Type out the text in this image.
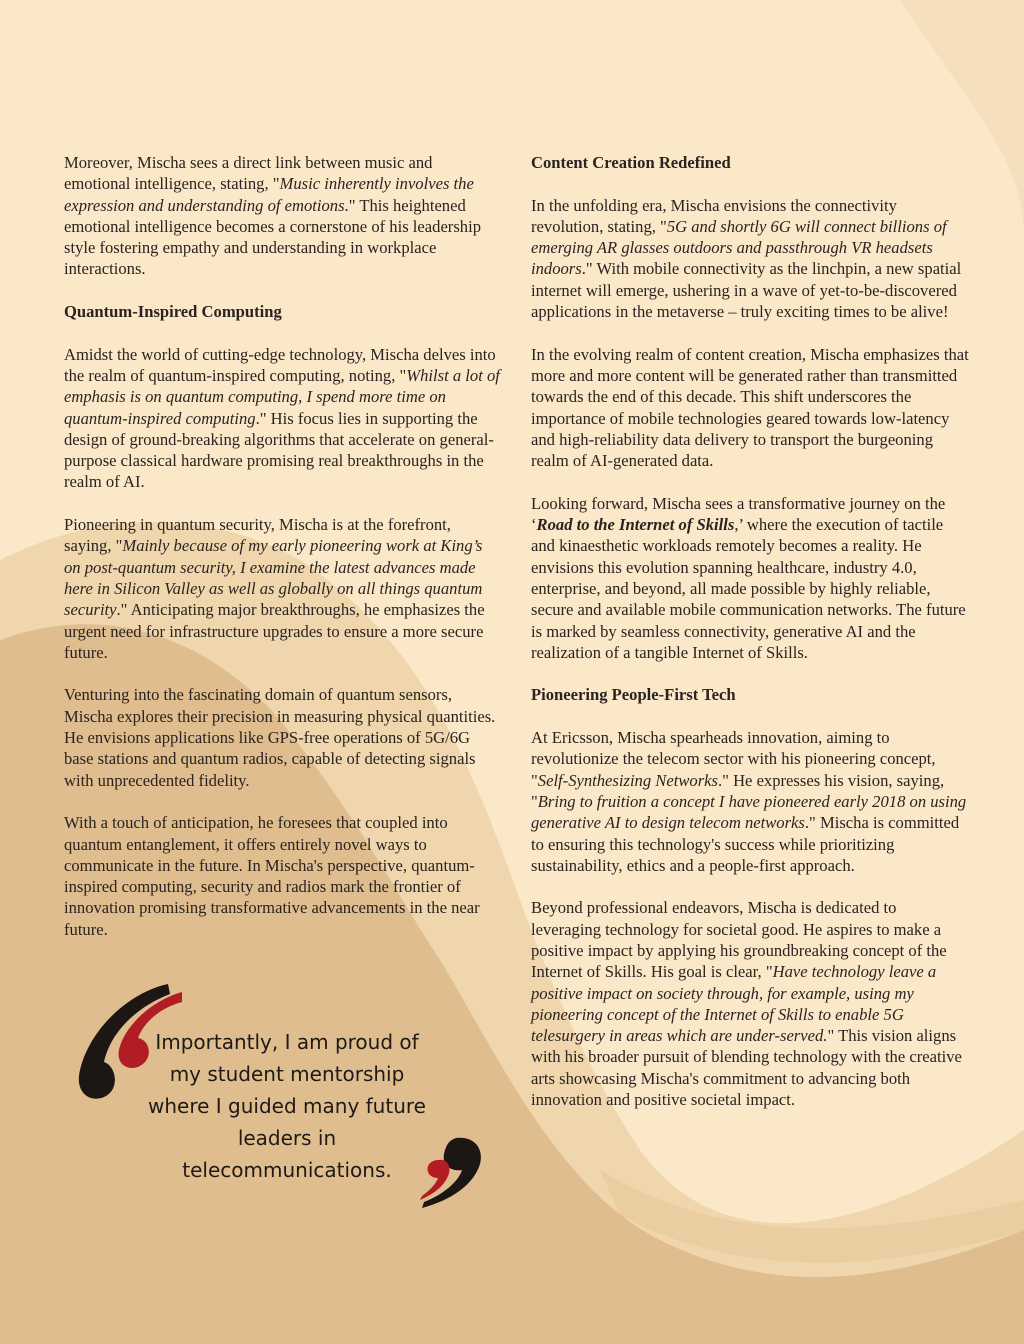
Moreover, Mischa sees a direct link between music and emotional intelligence, stating, "Music inherently involves the expression and understanding of emotions." This heightened emotional intelligence becomes a cornerstone of his leadership style fostering empathy and understanding in workplace interactions.

Quantum-Inspired Computing

Amidst the world of cutting-edge technology, Mischa delves into the realm of quantum-inspired computing, noting, "Whilst a lot of emphasis is on quantum computing, I spend more time on quantum-inspired computing." His focus lies in supporting the design of ground-breaking algorithms that accelerate on general-purpose classical hardware promising real breakthroughs in the realm of AI.

Pioneering in quantum security, Mischa is at the forefront, saying, "Mainly because of my early pioneering work at King’s on post-quantum security, I examine the latest advances made here in Silicon Valley as well as globally on all things quantum security." Anticipating major breakthroughs, he emphasizes the urgent need for infrastructure upgrades to ensure a more secure future.

Venturing into the fascinating domain of quantum sensors, Mischa explores their precision in measuring physical quantities. He envisions applications like GPS-free operations of 5G/6G base stations and quantum radios, capable of detecting signals with unprecedented fidelity.

With a touch of anticipation, he foresees that coupled into quantum entanglement, it offers entirely novel ways to communicate in the future. In Mischa's perspective, quantum-inspired computing, security and radios mark the frontier of innovation promising transformative advancements in the near future.

Content Creation Redefined

In the unfolding era, Mischa envisions the connectivity revolution, stating, "5G and shortly 6G will connect billions of emerging AR glasses outdoors and passthrough VR headsets indoors." With mobile connectivity as the linchpin, a new spatial internet will emerge, ushering in a wave of yet-to-be-discovered applications in the metaverse – truly exciting times to be alive!

In the evolving realm of content creation, Mischa emphasizes that more and more content will be generated rather than transmitted towards the end of this decade. This shift underscores the importance of mobile technologies geared towards low-latency and high-reliability data delivery to transport the burgeoning realm of AI-generated data.

Looking forward, Mischa sees a transformative journey on the ‘Road to the Internet of Skills,’ where the execution of tactile and kinaesthetic workloads remotely becomes a reality. He envisions this evolution spanning healthcare, industry 4.0, enterprise, and beyond, all made possible by highly reliable, secure and available mobile communication networks. The future is marked by seamless connectivity, generative AI and the realization of a tangible Internet of Skills.

Pioneering People-First Tech

At Ericsson, Mischa spearheads innovation, aiming to revolutionize the telecom sector with his pioneering concept, "Self-Synthesizing Networks." He expresses his vision, saying, "Bring to fruition a concept I have pioneered early 2018 on using generative AI to design telecom networks." Mischa is committed to ensuring this technology's success while prioritizing sustainability, ethics and a people-first approach.

Beyond professional endeavors, Mischa is dedicated to leveraging technology for societal good. He aspires to make a positive impact by applying his groundbreaking concept of the Internet of Skills. His goal is clear, "Have technology leave a positive impact on society through, for example, using my pioneering concept of the Internet of Skills to enable 5G telesurgery in areas which are under-served." This vision aligns with his broader pursuit of blending technology with the creative arts showcasing Mischa's commitment to advancing both innovation and positive societal impact.

Importantly, I am proud of my student mentorship where I guided many future leaders in telecommunications.
